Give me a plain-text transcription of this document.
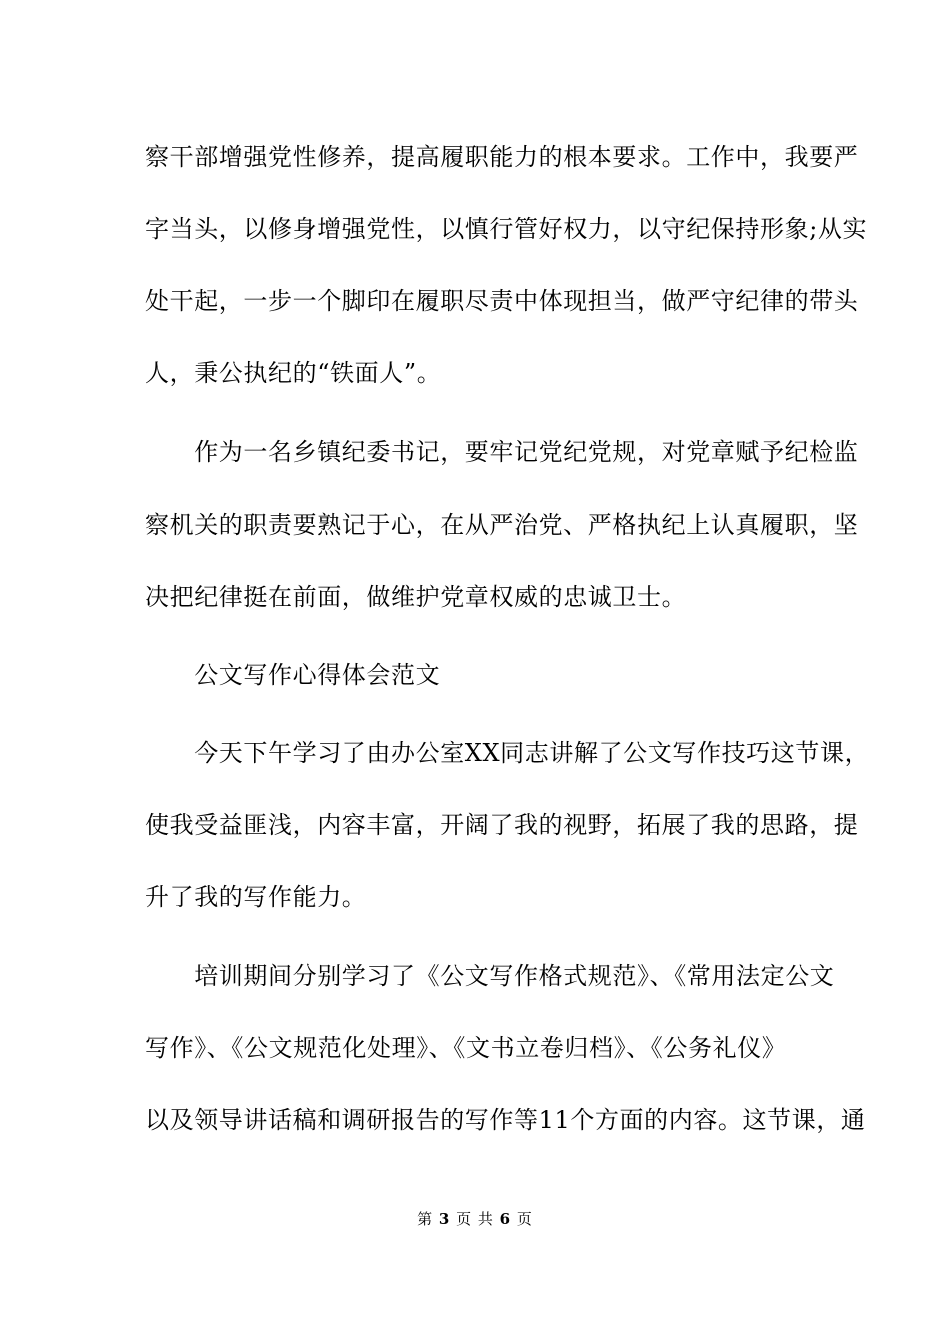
察干部增强党性修养，提高履职能力的根本要求。工作中，我要严
字当头，以修身增强党性，以慎行管好权力，以守纪保持形象;从实
处干起，一步一个脚印在履职尽责中体现担当，做严守纪律的带头
人，秉公执纪的“铁面人”。
　　作为一名乡镇纪委书记，要牢记党纪党规，对党章赋予纪检监
察机关的职责要熟记于心，在从严治党、严格执纪上认真履职，坚
决把纪律挺在前面，做维护党章权威的忠诚卫士。
　　公文写作心得体会范文
　　今天下午学习了由办公室XX同志讲解了公文写作技巧这节课，
使我受益匪浅，内容丰富，开阔了我的视野，拓展了我的思路，提
升了我的写作能力。
　　培训期间分别学习了《公文写作格式规范》、《常用法定公文
写作》、《公文规范化处理》、《文书立卷归档》、《公务礼仪》
以及领导讲话稿和调研报告的写作等11个方面的内容。这节课，通
第 3 页 共 6 页
